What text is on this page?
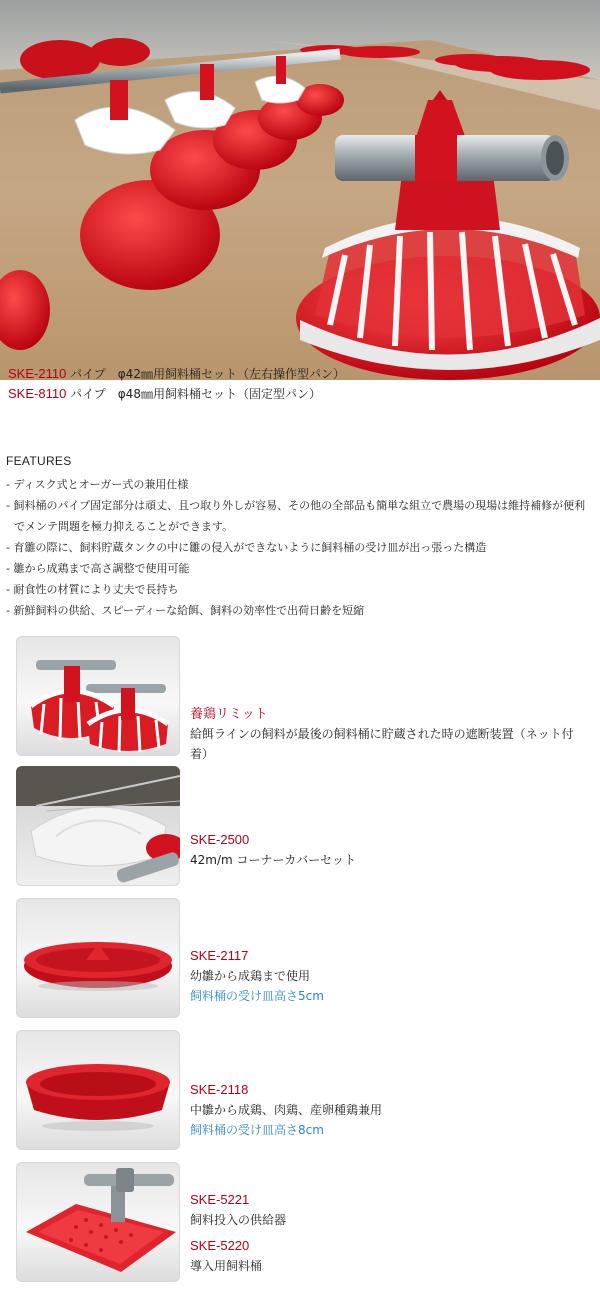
SKE-2110 パイプ　φ42㎜用飼料桶セット（左右操作型パン）
SKE-8110 パイプ　φ48㎜用飼料桶セット（固定型パン）
FEATURES
- ディスク式とオーガー式の兼用仕様
- 飼料桶のパイプ固定部分は頑丈、且つ取り外しが容易、その他の全部品も簡単な組立で農場の現場は維持補修が便利でメンテ問題を極力抑えることができます。
- 育雛の際に、飼料貯蔵タンクの中に雛の侵入ができないように飼料桶の受け皿が出っ張った構造
- 雛から成鶏まで高さ調整で使用可能
- 耐食性の材質により丈夫で長持ち
- 新鮮飼料の供給、スピーディーな給餌、飼料の効率性で出荷日齢を短縮
養鶏リミット
給餌ラインの飼料が最後の飼料桶に貯蔵された時の遮断装置（ネット付着）
SKE-2500
42m/m コーナーカバーセット
SKE-2117
幼雛から成鶏まで使用
飼料桶の受け皿高さ5cm
SKE-2118
中雛から成鶏、肉鶏、産卵種鶏兼用
飼料桶の受け皿高さ8cm
SKE-5221
飼料投入の供給器
SKE-5220
導入用飼料桶
